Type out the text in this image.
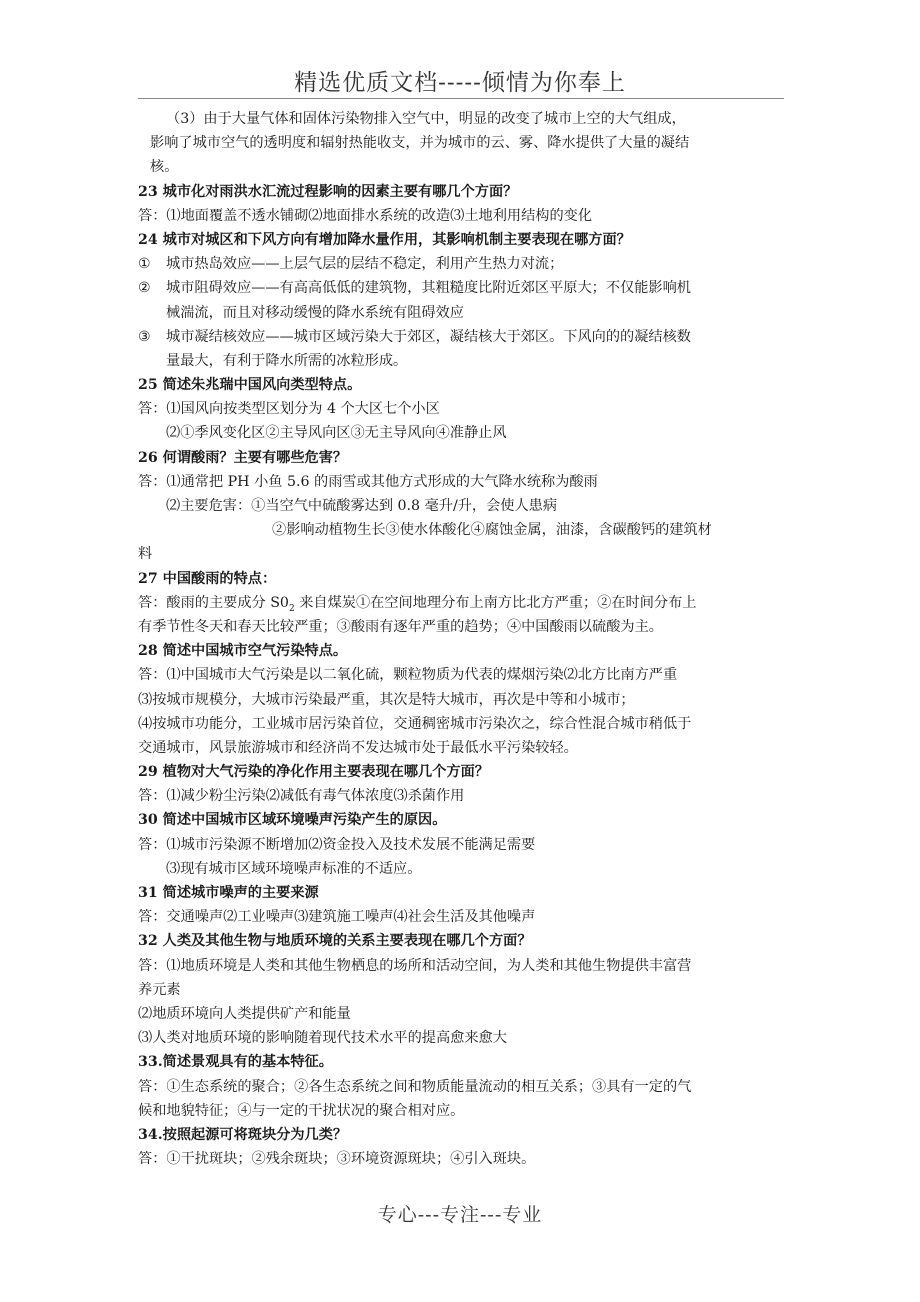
精选优质文档-----倾情为你奉上
（3）由于大量气体和固体污染物排入空气中，明显的改变了城市上空的大气组成，
影响了城市空气的透明度和辐射热能收支，并为城市的云、雾、降水提供了大量的凝结
核。
23 城市化对雨洪水汇流过程影响的因素主要有哪几个方面？
答：⑴地面覆盖不透水铺砌⑵地面排水系统的改造⑶土地利用结构的变化
24 城市对城区和下风方向有增加降水量作用，其影响机制主要表现在哪方面？
①	城市热岛效应——上层气层的层结不稳定，利用产生热力对流；
②	城市阻碍效应——有高高低低的建筑物，其粗糙度比附近郊区平原大；不仅能影响机
械湍流，而且对移动缓慢的降水系统有阻碍效应
③	城市凝结核效应——城市区域污染大于郊区，凝结核大于郊区。下风向的的凝结核数
量最大，有利于降水所需的冰粒形成。
25 简述朱兆瑞中国风向类型特点。
答：⑴国风向按类型区划分为 4 个大区七个小区
⑵①季风变化区②主导风向区③无主导风向④准静止风
26 何谓酸雨？主要有哪些危害？
答：⑴通常把 PH 小鱼 5.6 的雨雪或其他方式形成的大气降水统称为酸雨
⑵主要危害：①当空气中硫酸雾达到 0.8 毫升/升，会使人患病
②影响动植物生长③使水体酸化④腐蚀金属，油漆，含碳酸钙的建筑材
料
27 中国酸雨的特点：
答：酸雨的主要成分 $S0_2$ 来自煤炭①在空间地理分布上南方比北方严重；②在时间分布上
有季节性冬天和春天比较严重；③酸雨有逐年严重的趋势；④中国酸雨以硫酸为主。
28 简述中国城市空气污染特点。
答：⑴中国城市大气污染是以二氧化硫，颗粒物质为代表的煤烟污染⑵北方比南方严重
⑶按城市规模分，大城市污染最严重，其次是特大城市，再次是中等和小城市；
⑷按城市功能分，工业城市居污染首位，交通稠密城市污染次之，综合性混合城市稍低于
交通城市，风景旅游城市和经济尚不发达城市处于最低水平污染较轻。
29 植物对大气污染的净化作用主要表现在哪几个方面？
答：⑴减少粉尘污染⑵减低有毒气体浓度⑶杀菌作用
30 简述中国城市区域环境噪声污染产生的原因。
答：⑴城市污染源不断增加⑵资金投入及技术发展不能满足需要
⑶现有城市区域环境噪声标准的不适应。
31 简述城市噪声的主要来源
答：交通噪声⑵工业噪声⑶建筑施工噪声⑷社会生活及其他噪声
32 人类及其他生物与地质环境的关系主要表现在哪几个方面？
答：⑴地质环境是人类和其他生物栖息的场所和活动空间，为人类和其他生物提供丰富营
养元素
⑵地质环境向人类提供矿产和能量
⑶人类对地质环境的影响随着现代技术水平的提高愈来愈大
33.简述景观具有的基本特征。
答：①生态系统的聚合；②各生态系统之间和物质能量流动的相互关系；③具有一定的气
候和地貌特征；④与一定的干扰状况的聚合相对应。
34.按照起源可将斑块分为几类？
答：①干扰斑块；②残余斑块；③环境资源斑块；④引入斑块。
专心---专注---专业
